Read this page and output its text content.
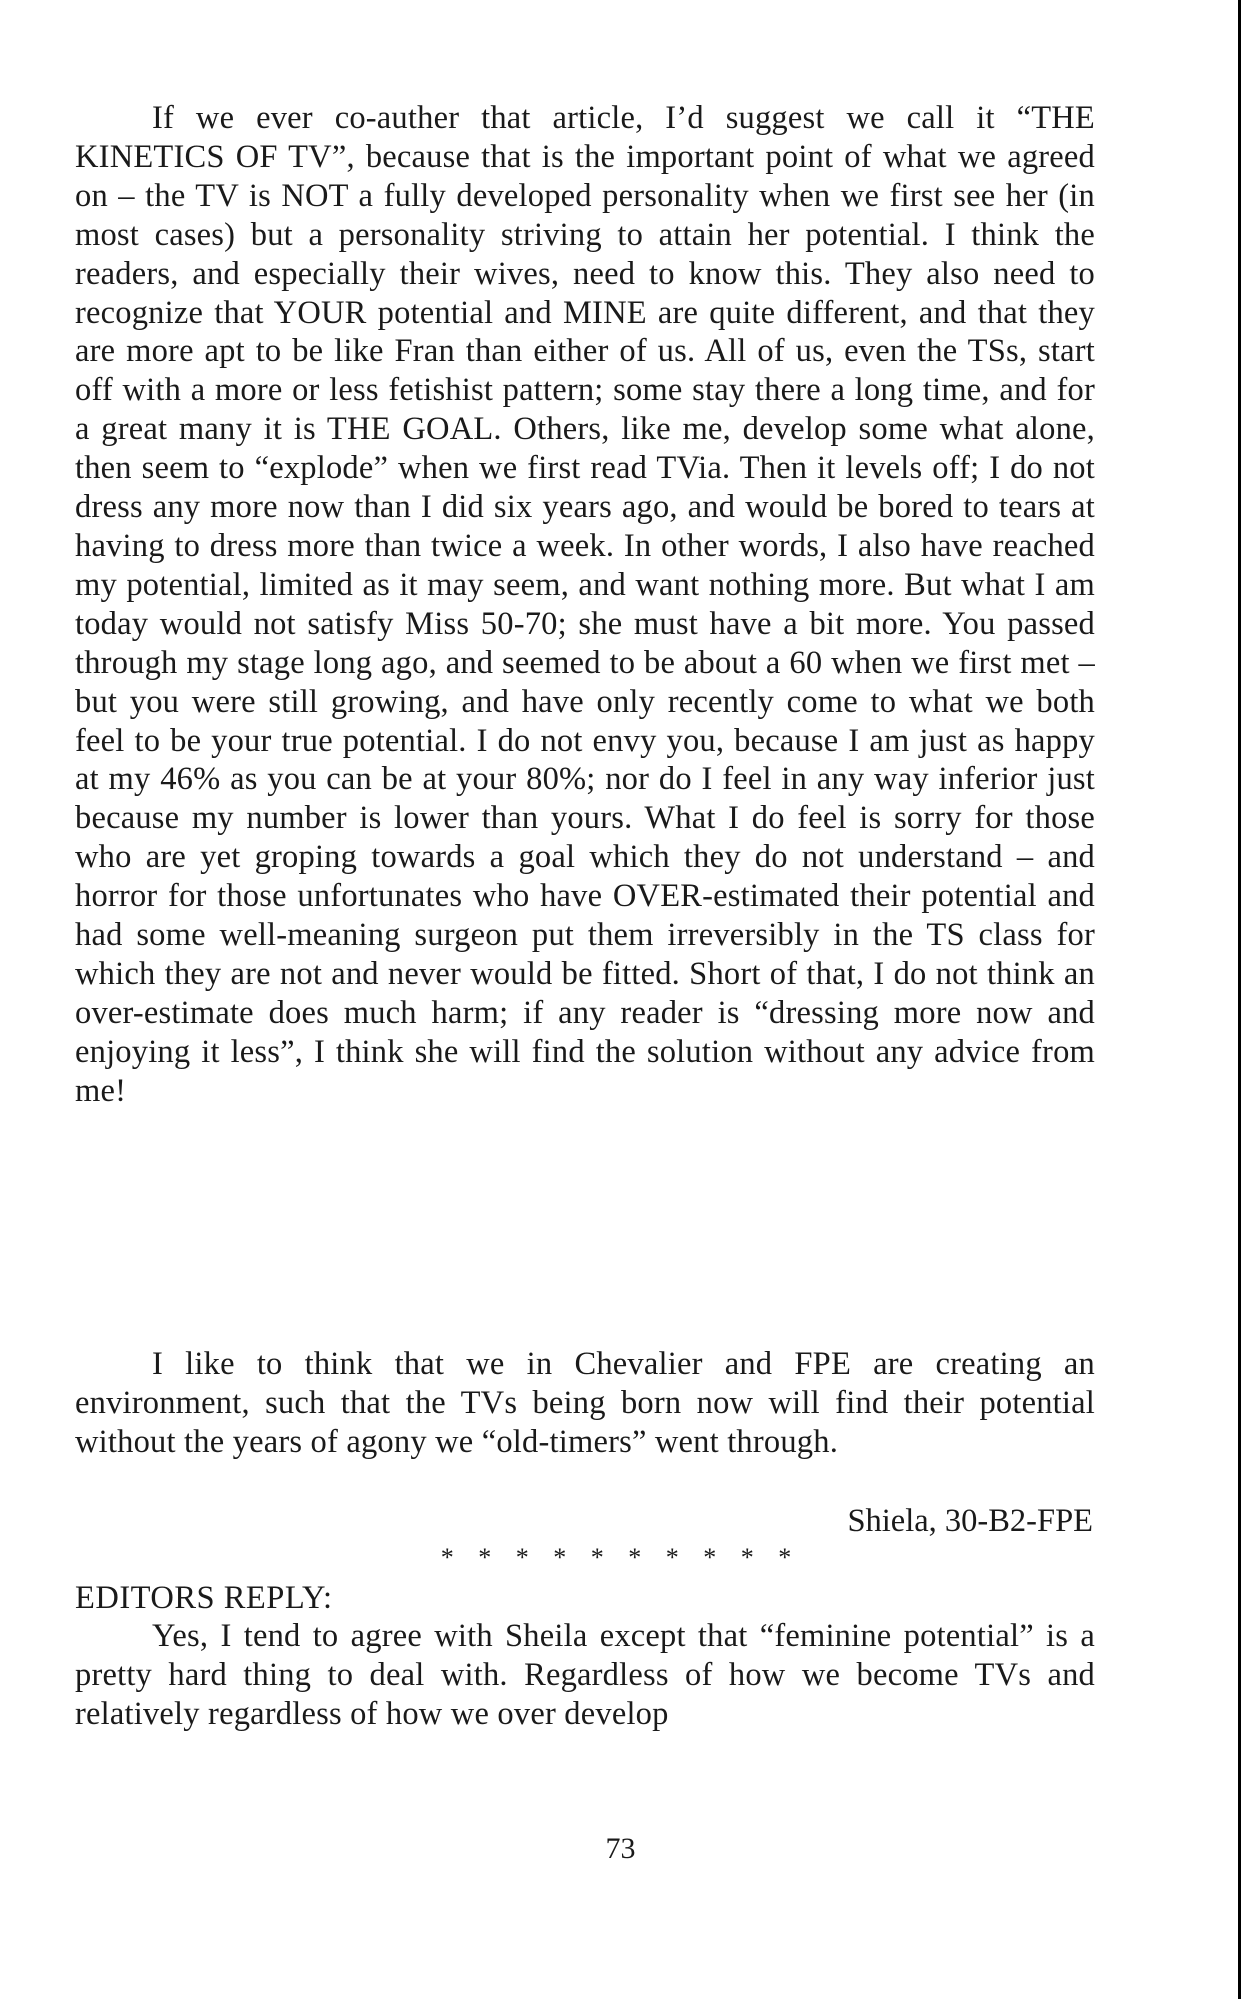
If we ever co-auther that article, I’d suggest we call it “THE KINETICS OF TV”, because that is the important point of what we agreed on – the TV is NOT a fully developed personality when we first see her (in most cases) but a personality striving to attain her potential. I think the readers, and especially their wives, need to know this. They also need to recognize that YOUR potential and MINE are quite different, and that they are more apt to be like Fran than either of us. All of us, even the TSs, start off with a more or less fetishist pattern; some stay there a long time, and for a great many it is THE GOAL. Others, like me, develop some what alone, then seem to “explode” when we first read TVia. Then it levels off; I do not dress any more now than I did six years ago, and would be bored to tears at having to dress more than twice a week. In other words, I also have reached my potential, limited as it may seem, and want nothing more. But what I am today would not satisfy Miss 50-70; she must have a bit more. You passed through my stage long ago, and seemed to be about a 60 when we first met – but you were still growing, and have only recently come to what we both feel to be your true potential. I do not envy you, because I am just as happy at my 46% as you can be at your 80%; nor do I feel in any way inferior just because my number is lower than yours. What I do feel is sorry for those who are yet groping towards a goal which they do not understand – and horror for those unfortunates who have OVER-estimated their potential and had some well-meaning surgeon put them irreversibly in the TS class for which they are not and never would be fitted. Short of that, I do not think an over-estimate does much harm; if any reader is “dressing more now and enjoying it less”, I think she will find the solution without any advice from me!

I like to think that we in Chevalier and FPE are creating an environment, such that the TVs being born now will find their potential without the years of agony we “old-timers” went through.

Shiela, 30-B2-FPE
* * * * * * * * * *
EDITORS REPLY:

Yes, I tend to agree with Sheila except that “feminine potential” is a pretty hard thing to deal with. Regardless of how we become TVs and relatively regardless of how we over develop

73
